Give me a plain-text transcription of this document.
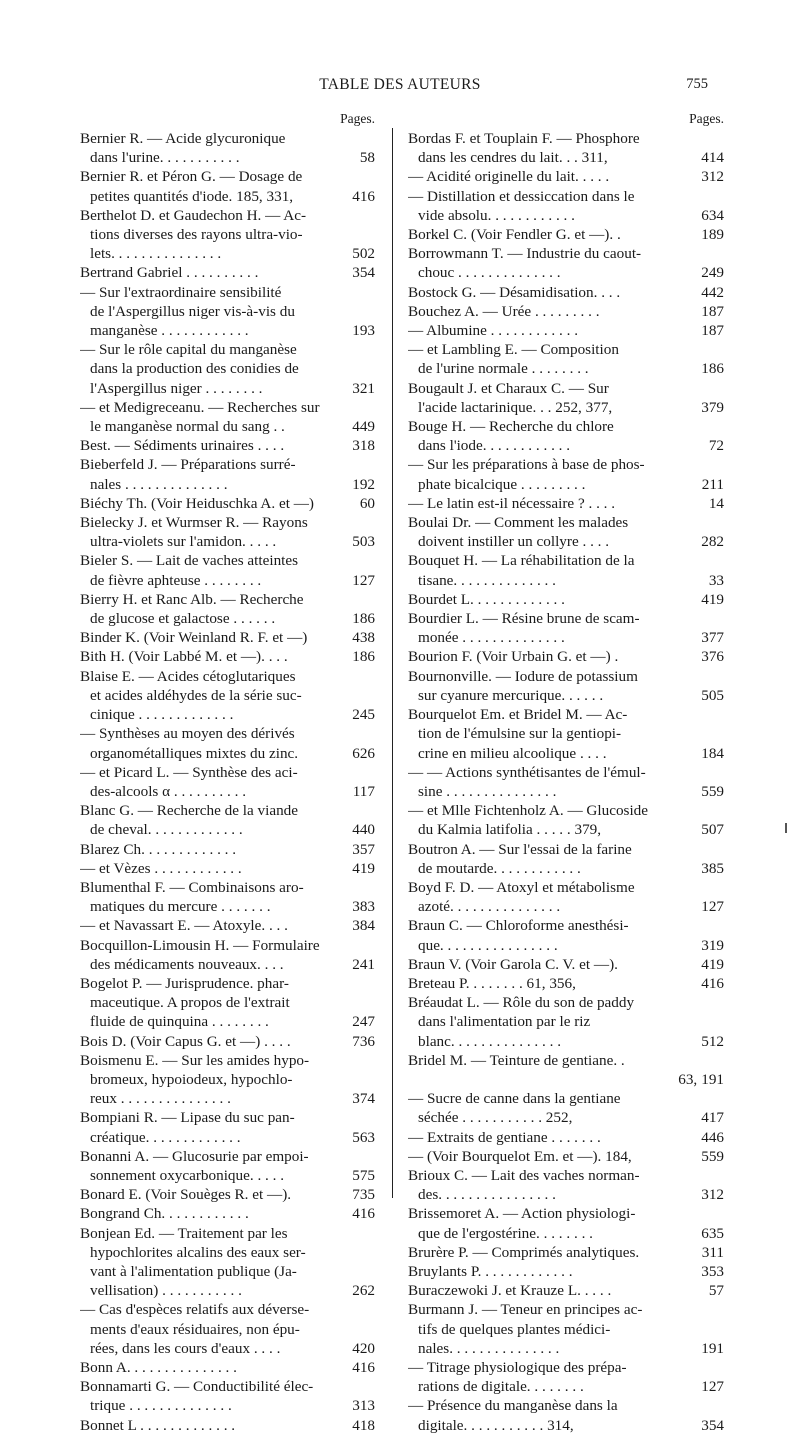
TABLE DES AUTEURS	755
Pages.
Bernier R. — Acide glycuronique
dans l'urine. . . . . . . . . . .	58
Bernier R. et Péron G. — Dosage de
petites quantités d'iode. 185, 331,	416
Berthelot D. et Gaudechon H. — Ac-
tions diverses des rayons ultra-vio-
lets. . . . . . . . . . . . . . .	502
Bertrand Gabriel . . . . . . . . . .	354
— Sur l'extraordinaire sensibilité
de l'Aspergillus niger vis-à-vis du
manganèse . . . . . . . . . . . .	193
— Sur le rôle capital du manganèse
dans la production des conidies de
l'Aspergillus niger . . . . . . . .	321
— et Medigreceanu. — Recherches sur
le manganèse normal du sang . .	449
Best. — Sédiments urinaires . . . .	318
Bieberfeld J. — Préparations surré-
nales . . . . . . . . . . . . . .	192
Biéchy Th. (Voir Heiduschka A. et —)	60
Bielecky J. et Wurmser R. — Rayons
ultra-violets sur l'amidon. . . . .	503
Bieler S. — Lait de vaches atteintes
de fièvre aphteuse . . . . . . . .	127
Bierry H. et Ranc Alb. — Recherche
de glucose et galactose . . . . . .	186
Binder K. (Voir Weinland R. F. et —)	438
Bith H. (Voir Labbé M. et —). . . .	186
Blaise E. — Acides cétoglutariques
et acides aldéhydes de la série suc-
cinique . . . . . . . . . . . . .	245
— Synthèses au moyen des dérivés
organométalliques mixtes du zinc.	626
— et Picard L. — Synthèse des aci-
des-alcools α . . . . . . . . . .	117
Blanc G. — Recherche de la viande
de cheval. . . . . . . . . . . . .	440
Blarez Ch. . . . . . . . . . . . .	357
— et Vèzes . . . . . . . . . . . .	419
Blumenthal F. — Combinaisons aro-
matiques du mercure . . . . . . .	383
— et Navassart E. — Atoxyle. . . .	384
Bocquillon-Limousin H. — Formulaire
des médicaments nouveaux. . . .	241
Bogelot P. — Jurisprudence. phar-
maceutique. A propos de l'extrait
fluide de quinquina . . . . . . . .	247
Bois D. (Voir Capus G. et —) . . . .	736
Boismenu E. — Sur les amides hypo-
bromeux, hypoiodeux, hypochlo-
reux . . . . . . . . . . . . . . .	374
Bompiani R. — Lipase du suc pan-
créatique. . . . . . . . . . . . .	563
Bonanni A. — Glucosurie par empoi-
sonnement oxycarbonique. . . . .	575
Bonard E. (Voir Souèges R. et —).	735
Bongrand Ch. . . . . . . . . . . .	416
Bonjean Ed. — Traitement par les
hypochlorites alcalins des eaux ser-
vant à l'alimentation publique (Ja-
vellisation) . . . . . . . . . . .	262
— Cas d'espèces relatifs aux déverse-
ments d'eaux résiduaires, non épu-
rées, dans les cours d'eaux . . . .	420
Bonn A. . . . . . . . . . . . . . .	416
Bonnamarti G. — Conductibilité élec-
trique . . . . . . . . . . . . . .	313
Bonnet L . . . . . . . . . . . . .	418
Pages.
Bordas F. et Touplain F. — Phosphore
dans les cendres du lait. . . 311,	414
— Acidité originelle du lait. . . . .	312
— Distillation et dessiccation dans le
vide absolu. . . . . . . . . . . .	634
Borkel C. (Voir Fendler G. et —). .	189
Borrowmann T. — Industrie du caout-
chouc . . . . . . . . . . . . . .	249
Bostock G. — Désamidisation. . . .	442
Bouchez A. — Urée . . . . . . . . .	187
— Albumine . . . . . . . . . . . .	187
— et Lambling E. — Composition
de l'urine normale . . . . . . . .	186
Bougault J. et Charaux C. — Sur
l'acide lactarinique. . . 252, 377,	379
Bouge H. — Recherche du chlore
dans l'iode. . . . . . . . . . . .	72
— Sur les préparations à base de phos-
phate bicalcique . . . . . . . . .	211
— Le latin est-il nécessaire ? . . . .	14
Boulai Dr. — Comment les malades
doivent instiller un collyre . . . .	282
Bouquet H. — La réhabilitation de la
tisane. . . . . . . . . . . . . .	33
Bourdet L. . . . . . . . . . . . .	419
Bourdier L. — Résine brune de scam-
monée . . . . . . . . . . . . . .	377
Bourion F. (Voir Urbain G. et —) .	376
Bournonville. — Iodure de potassium
sur cyanure mercurique. . . . . .	505
Bourquelot Em. et Bridel M. — Ac-
tion de l'émulsine sur la gentiopi-
crine en milieu alcoolique . . . .	184
— — Actions synthétisantes de l'émul-
sine . . . . . . . . . . . . . . .	559
— et Mlle Fichtenholz A. — Glucoside
du Kalmia latifolia . . . . . 379,	507
Boutron A. — Sur l'essai de la farine
de moutarde. . . . . . . . . . . .	385
Boyd F. D. — Atoxyl et métabolisme
azoté. . . . . . . . . . . . . . .	127
Braun C. — Chloroforme anesthési-
que. . . . . . . . . . . . . . . .	319
Braun V. (Voir Garola C. V. et —).	419
Breteau P. . . . . . . . 61, 356,	416
Bréaudat L. — Rôle du son de paddy
dans l'alimentation par le riz
blanc. . . . . . . . . . . . . . .	512
Bridel M. — Teinture de gentiane. .
63, 191
— Sucre de canne dans la gentiane
séchée . . . . . . . . . . . 252,	417
— Extraits de gentiane . . . . . . .	446
— (Voir Bourquelot Em. et —). 184,	559
Brioux C. — Lait des vaches norman-
des. . . . . . . . . . . . . . . .	312
Brissemoret A. — Action physiologi-
que de l'ergostérine. . . . . . . .	635
Brurère P. — Comprimés analytiques.	311
Bruylants P. . . . . . . . . . . . .	353
Buraczewoki J. et Krauze L. . . . .	57
Burmann J. — Teneur en principes ac-
tifs de quelques plantes médici-
nales. . . . . . . . . . . . . . .	191
— Titrage physiologique des prépa-
rations de digitale. . . . . . . .	127
— Présence du manganèse dans la
digitale. . . . . . . . . . . 314,	354
